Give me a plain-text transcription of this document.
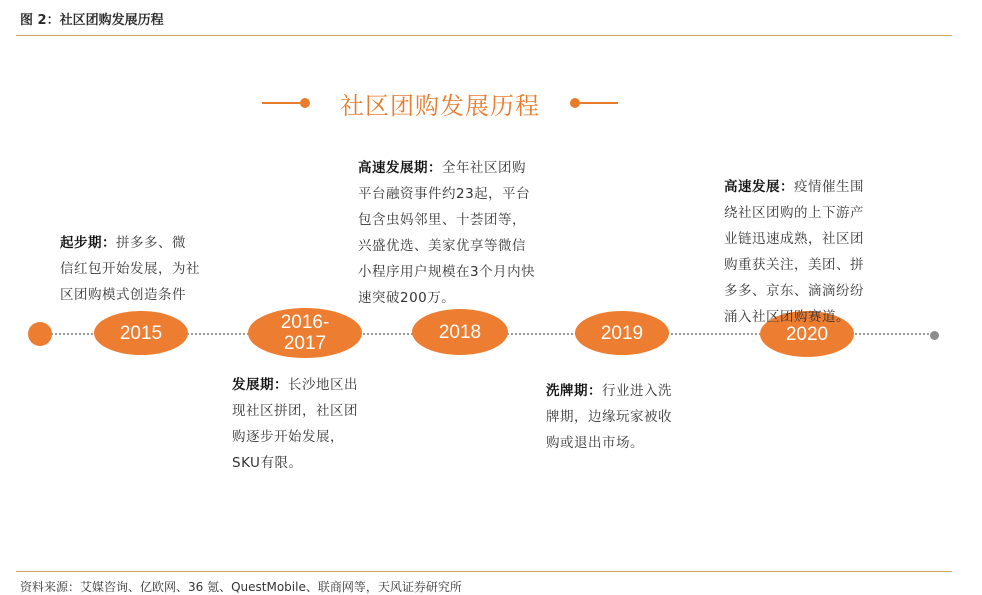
图 2：社区团购发展历程
社区团购发展历程
2015	2016-
2017
2018	2019	2020
起步期：拼多多、微
信红包开始发展，为社
区团购模式创造条件
发展期：长沙地区出
现社区拼团，社区团
购逐步开始发展，
SKU有限。
高速发展期：全年社区团购
平台融资事件约23起，平台
包含虫妈邻里、十荟团等，
兴盛优选、美家优享等微信
小程序用户规模在3个月内快
速突破200万。
洗牌期：行业进入洗
牌期，边缘玩家被收
购或退出市场。
高速发展：疫情催生围
绕社区团购的上下游产
业链迅速成熟，社区团
购重获关注，美团、拼
多多、京东、滴滴纷纷
涌入社区团购赛道。
资料来源：艾媒咨询、亿欧网、36 氪、QuestMobile、联商网等，天风证券研究所
